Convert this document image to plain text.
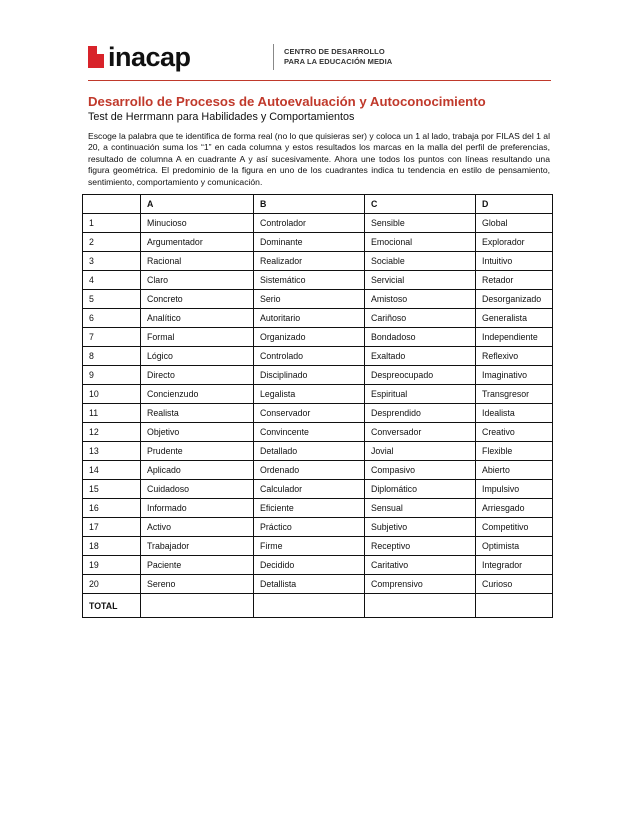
inacap	CENTRO DE DESARROLLO
PARA LA EDUCACIÓN MEDIA
Desarrollo de Procesos de Autoevaluación y Autoconocimiento
Test de Herrmann para Habilidades y Comportamientos
Escoge la palabra que te identifica de forma real (no lo que quisieras ser) y coloca un 1 al lado, trabaja por FILAS del 1 al 20, a continuación suma los “1” en cada columna y estos resultados los marcas en la malla del perfil de preferencias, resultado de columna A en cuadrante A y así sucesivamente. Ahora une todos los puntos con líneas resultando una figura geométrica. El predominio de la figura en uno de los cuadrantes indica tu tendencia en estilo de pensamiento, sentimiento, comportamiento y comunicación.
	A	B	C	D
1	Minucioso	Controlador	Sensible	Global
2	Argumentador	Dominante	Emocional	Explorador
3	Racional	Realizador	Sociable	Intuitivo
4	Claro	Sistemático	Servicial	Retador
5	Concreto	Serio	Amistoso	Desorganizado
6	Analítico	Autoritario	Cariñoso	Generalista
7	Formal	Organizado	Bondadoso	Independiente
8	Lógico	Controlado	Exaltado	Reflexivo
9	Directo	Disciplinado	Despreocupado	Imaginativo
10	Concienzudo	Legalista	Espiritual	Transgresor
11	Realista	Conservador	Desprendido	Idealista
12	Objetivo	Convincente	Conversador	Creativo
13	Prudente	Detallado	Jovial	Flexible
14	Aplicado	Ordenado	Compasivo	Abierto
15	Cuidadoso	Calculador	Diplomático	Impulsivo
16	Informado	Eficiente	Sensual	Arriesgado
17	Activo	Práctico	Subjetivo	Competitivo
18	Trabajador	Firme	Receptivo	Optimista
19	Paciente	Decidido	Caritativo	Integrador
20	Sereno	Detallista	Comprensivo	Curioso
TOTAL				
